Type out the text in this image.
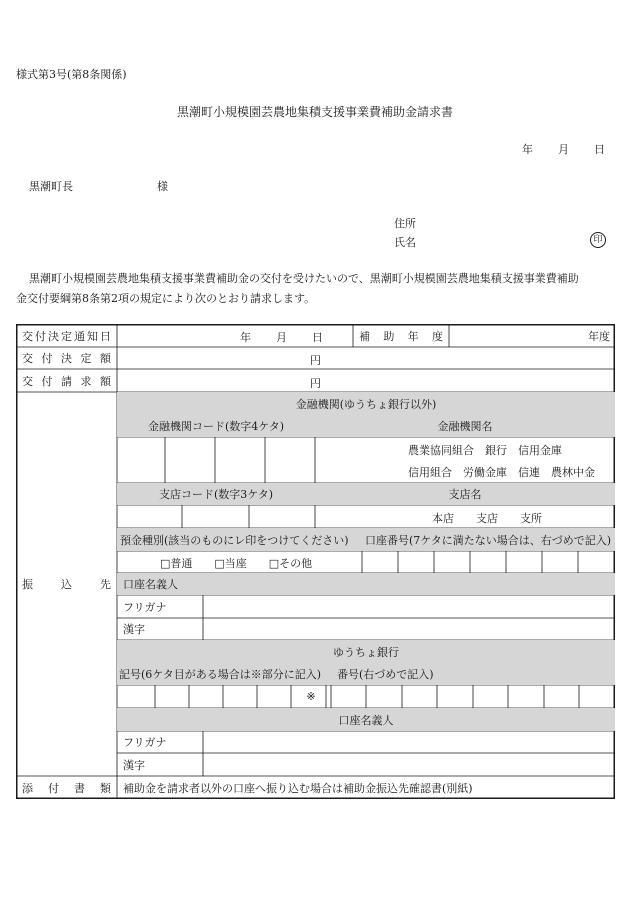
様式第3号(第8条関係)
黒潮町小規模園芸農地集積支援事業費補助金請求書
年 月 日
黒潮町長	様
住所
氏名	印
黒潮町小規模園芸農地集積支援事業費補助金の交付を受けたいので、黒潮町小規模園芸農地集積支援事業費補助
金交付要綱第8条第2項の規定により次のとおり請求します。
交 付 決 定 通 知 日	年 月 日	補 助 年 度	年度
交 付 決 定 額	円
交 付 請 求 額	円
振	込	先
金融機関(ゆうちょ銀行以外)
金融機関コード(数字4ケタ)	金融機関名
農業協同組合　銀行　信用金庫
信用組合　労働金庫　信連　農林中金
支店コード(数字3ケタ)	支店名
本店　　支店　　支所
預金種別(該当のものにレ印をつけてください)	口座番号(7ケタに満たない場合は、右づめで記入)
□普通　　□当座　　□その他
口座名義人
フリガナ
漢字
ゆうちょ銀行
記号(6ケタ目がある場合は※部分に記入)	番号(右づめで記入)
※
口座名義人
フリガナ
漢字
添 付 書 類	補助金を請求者以外の口座へ振り込む場合は補助金振込先確認書(別紙)
